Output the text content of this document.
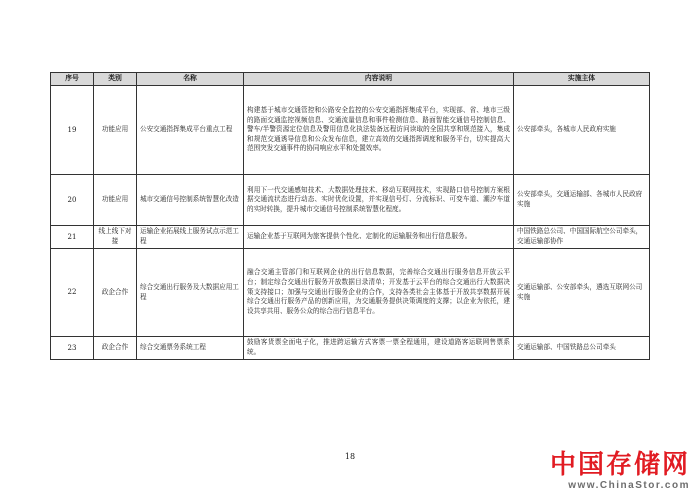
序号	类别	名称	内容说明	实施主体
19	功能应用	公安交通指挥集成平台重点工程	构建基于城市交通管控和公路安全监控的公安交通指挥集成平台，实现部、省、地市三级的路面交通监控视频信息、交通流量信息和事件检测信息、路面智能交通信号控制信息、警车/半警资源定位信息及警用信息化执法装备远程访问读取的全国共享和规范接入，集成和规范交通诱导信息和公众发布信息，建立高效的交通指挥调度和服务平台，切实提高大范围突发交通事件的协同响应水平和处置效率。	公安部牵头，各城市人民政府实施
20	功能应用	城市交通信号控制系统智慧化改造	利用下一代交通感知技术、大数据处理技术、移动互联网技术，实现路口信号控制方案根据交通流状态进行动态、实时优化设置，并实现信号灯、分流标识、可变车道、潮汐车道的实时转换，提升城市交通信号控制系统智慧化程度。	公安部牵头，交通运输部、各城市人民政府实施
21	线上线下对接	运输企业拓展线上服务试点示范工程	运输企业基于互联网为旅客提供个性化、定制化的运输服务和出行信息服务。	中国铁路总公司、中国国际航空公司牵头，交通运输部协作
22	政企合作	综合交通出行服务及大数据应用工程	融合交通主管部门和互联网企业的出行信息数据，完善综合交通出行服务信息开放云平台；制定综合交通出行服务开放数据目录清单；开发基于云平台的综合交通出行大数据决策支持接口；加强与交通出行服务企业的合作，支持各类社会主体基于开放共享数据开展综合交通出行服务产品的创新应用，为交通服务提供决策调度的支撑；以企业为依托，建设共享共用、服务公众的综合出行信息平台。	交通运输部、公安部牵头，遴选互联网公司实施
23	政企合作	综合交通票务系统工程	鼓励客货票全面电子化，推进跨运输方式客票一票全程通用，建设道路客运联网售票系统。	交通运输部、中国铁路总公司牵头
18	中国存储网
www.ChinaStor.com
